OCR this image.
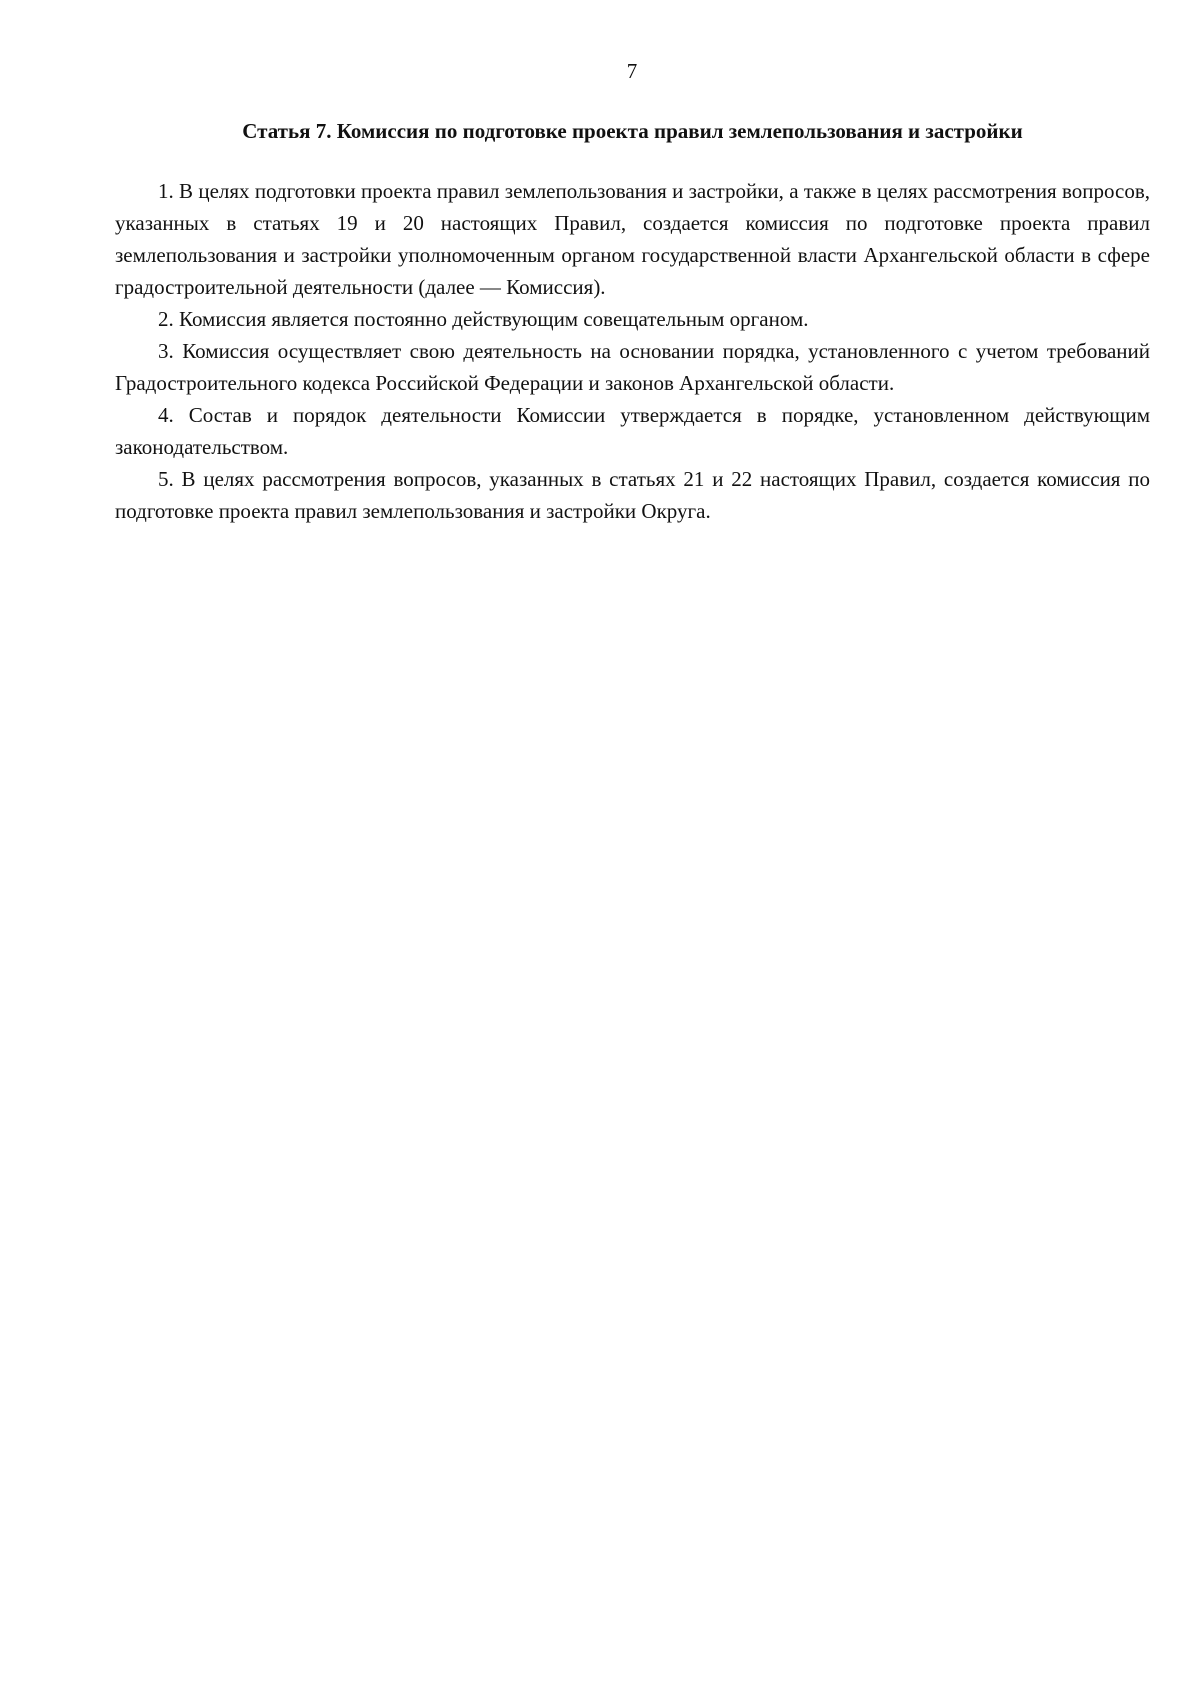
7
Статья 7. Комиссия по подготовке проекта правил землепользования и застройки

1. В целях подготовки проекта правил землепользования и застройки, а также в целях рассмотрения вопросов, указанных в статьях 19 и 20 настоящих Правил, создается комиссия по подготовке проекта правил землепользования и застройки уполномоченным органом государственной власти Архангельской области в сфере градостроительной деятельности (далее — Комиссия).

2. Комиссия является постоянно действующим совещательным органом.

3. Комиссия осуществляет свою деятельность на основании порядка, установленного с учетом требований Градостроительного кодекса Российской Федерации и законов Архангельской области.

4. Состав и порядок деятельности Комиссии утверждается в порядке, установленном действующим законодательством.

5. В целях рассмотрения вопросов, указанных в статьях 21 и 22 настоящих Правил, создается комиссия по подготовке проекта правил землепользования и застройки Округа.
